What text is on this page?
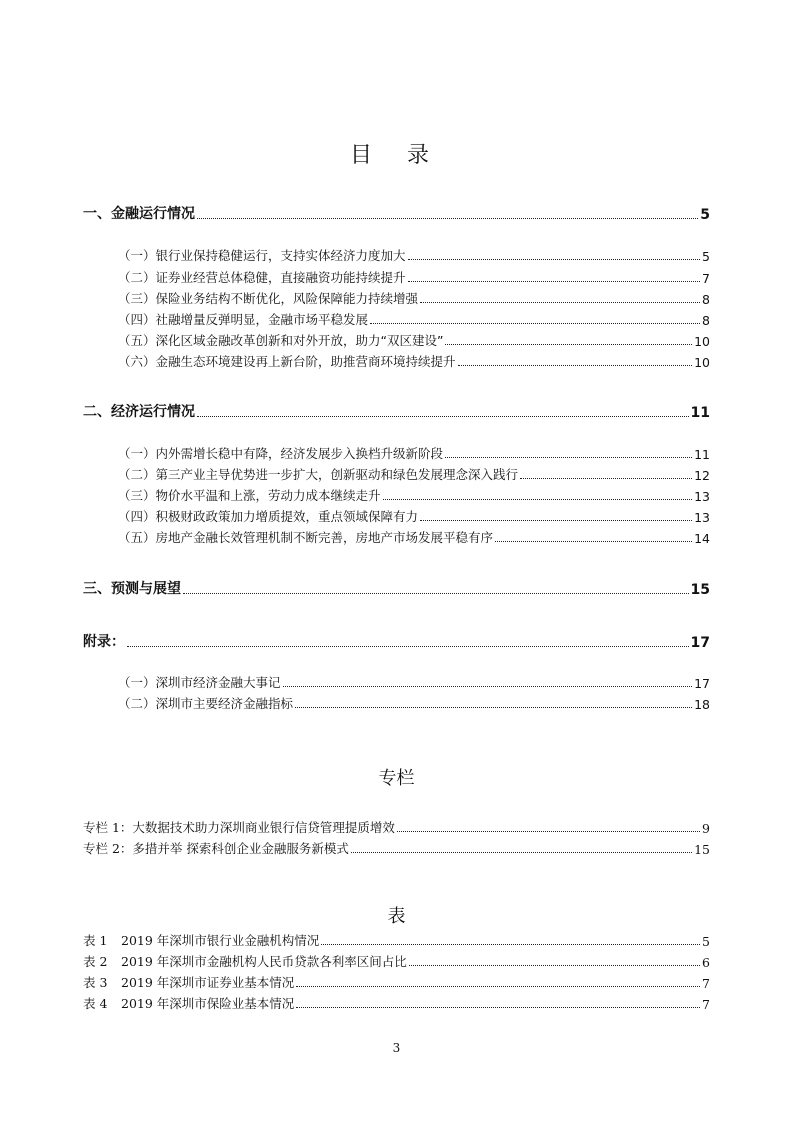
目 录
一、金融运行情况	5
（一）银行业保持稳健运行，支持实体经济力度加大	5
（二）证券业经营总体稳健，直接融资功能持续提升	7
（三）保险业务结构不断优化，风险保障能力持续增强	8
（四）社融增量反弹明显，金融市场平稳发展	8
（五）深化区域金融改革创新和对外开放，助力“双区建设”	10
（六）金融生态环境建设再上新台阶，助推营商环境持续提升	10
二、经济运行情况	11
（一）内外需增长稳中有降，经济发展步入换档升级新阶段	11
（二）第三产业主导优势进一步扩大，创新驱动和绿色发展理念深入践行	12
（三）物价水平温和上涨，劳动力成本继续走升	13
（四）积极财政政策加力增质提效，重点领域保障有力	13
（五）房地产金融长效管理机制不断完善，房地产市场发展平稳有序	14
三、预测与展望	15
附录：	17
（一）深圳市经济金融大事记	17
（二）深圳市主要经济金融指标	18
专栏
专栏 1：大数据技术助力深圳商业银行信贷管理提质增效	9
专栏 2：多措并举 探索科创企业金融服务新模式	15
表
表 1	2019 年深圳市银行业金融机构情况	5
表 2	2019 年深圳市金融机构人民币贷款各利率区间占比	6
表 3	2019 年深圳市证券业基本情况	7
表 4	2019 年深圳市保险业基本情况	7
3
